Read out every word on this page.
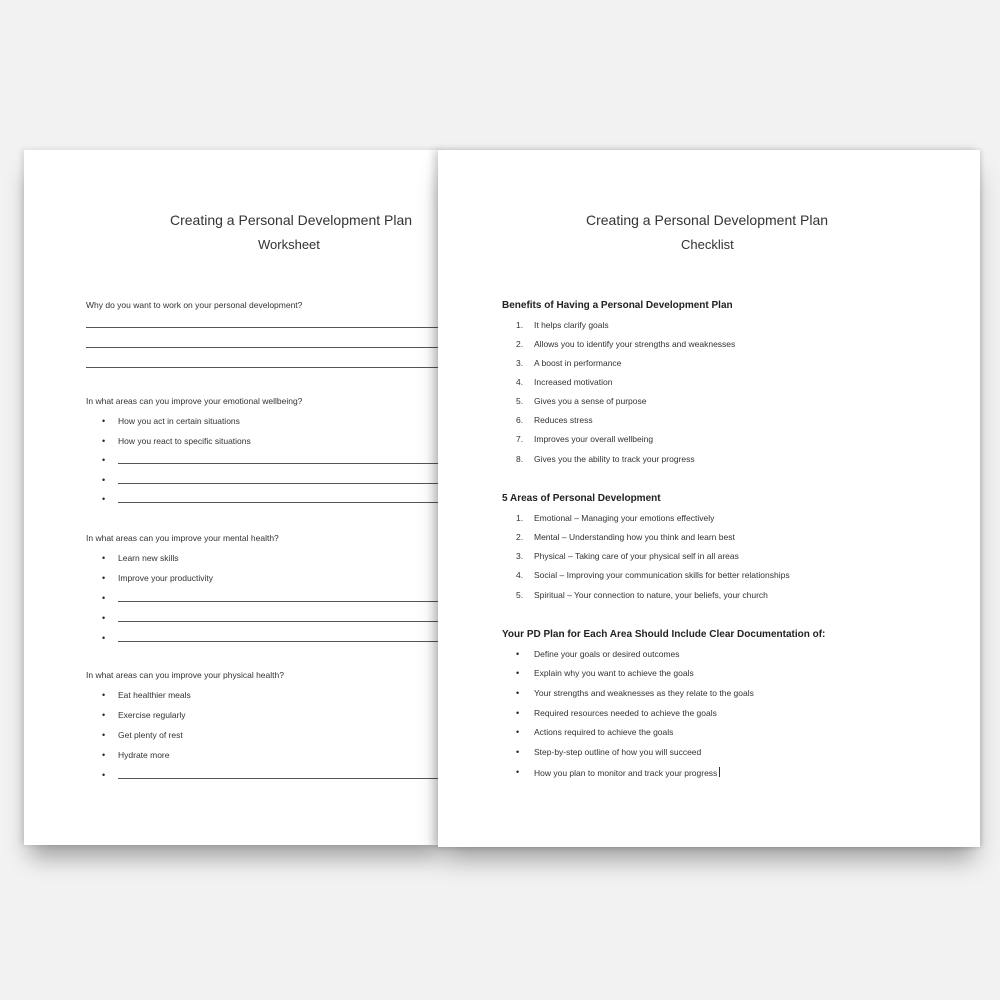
Creating a Personal Development Plan
Worksheet
Why do you want to work on your personal development?
In what areas can you improve your emotional wellbeing?
• How you act in certain situations
• How you react to specific situations
•
•
•
In what areas can you improve your mental health?
• Learn new skills
• Improve your productivity
•
•
•
In what areas can you improve your physical health?
• Eat healthier meals
• Exercise regularly
• Get plenty of rest
• Hydrate more
•
Creating a Personal Development Plan
Checklist
Benefits of Having a Personal Development Plan
1. It helps clarify goals
2. Allows you to identify your strengths and weaknesses
3. A boost in performance
4. Increased motivation
5. Gives you a sense of purpose
6. Reduces stress
7. Improves your overall wellbeing
8. Gives you the ability to track your progress
5 Areas of Personal Development
1. Emotional – Managing your emotions effectively
2. Mental – Understanding how you think and learn best
3. Physical – Taking care of your physical self in all areas
4. Social – Improving your communication skills for better relationships
5. Spiritual – Your connection to nature, your beliefs, your church
Your PD Plan for Each Area Should Include Clear Documentation of:
• Define your goals or desired outcomes
• Explain why you want to achieve the goals
• Your strengths and weaknesses as they relate to the goals
• Required resources needed to achieve the goals
• Actions required to achieve the goals
• Step-by-step outline of how you will succeed
• How you plan to monitor and track your progress
